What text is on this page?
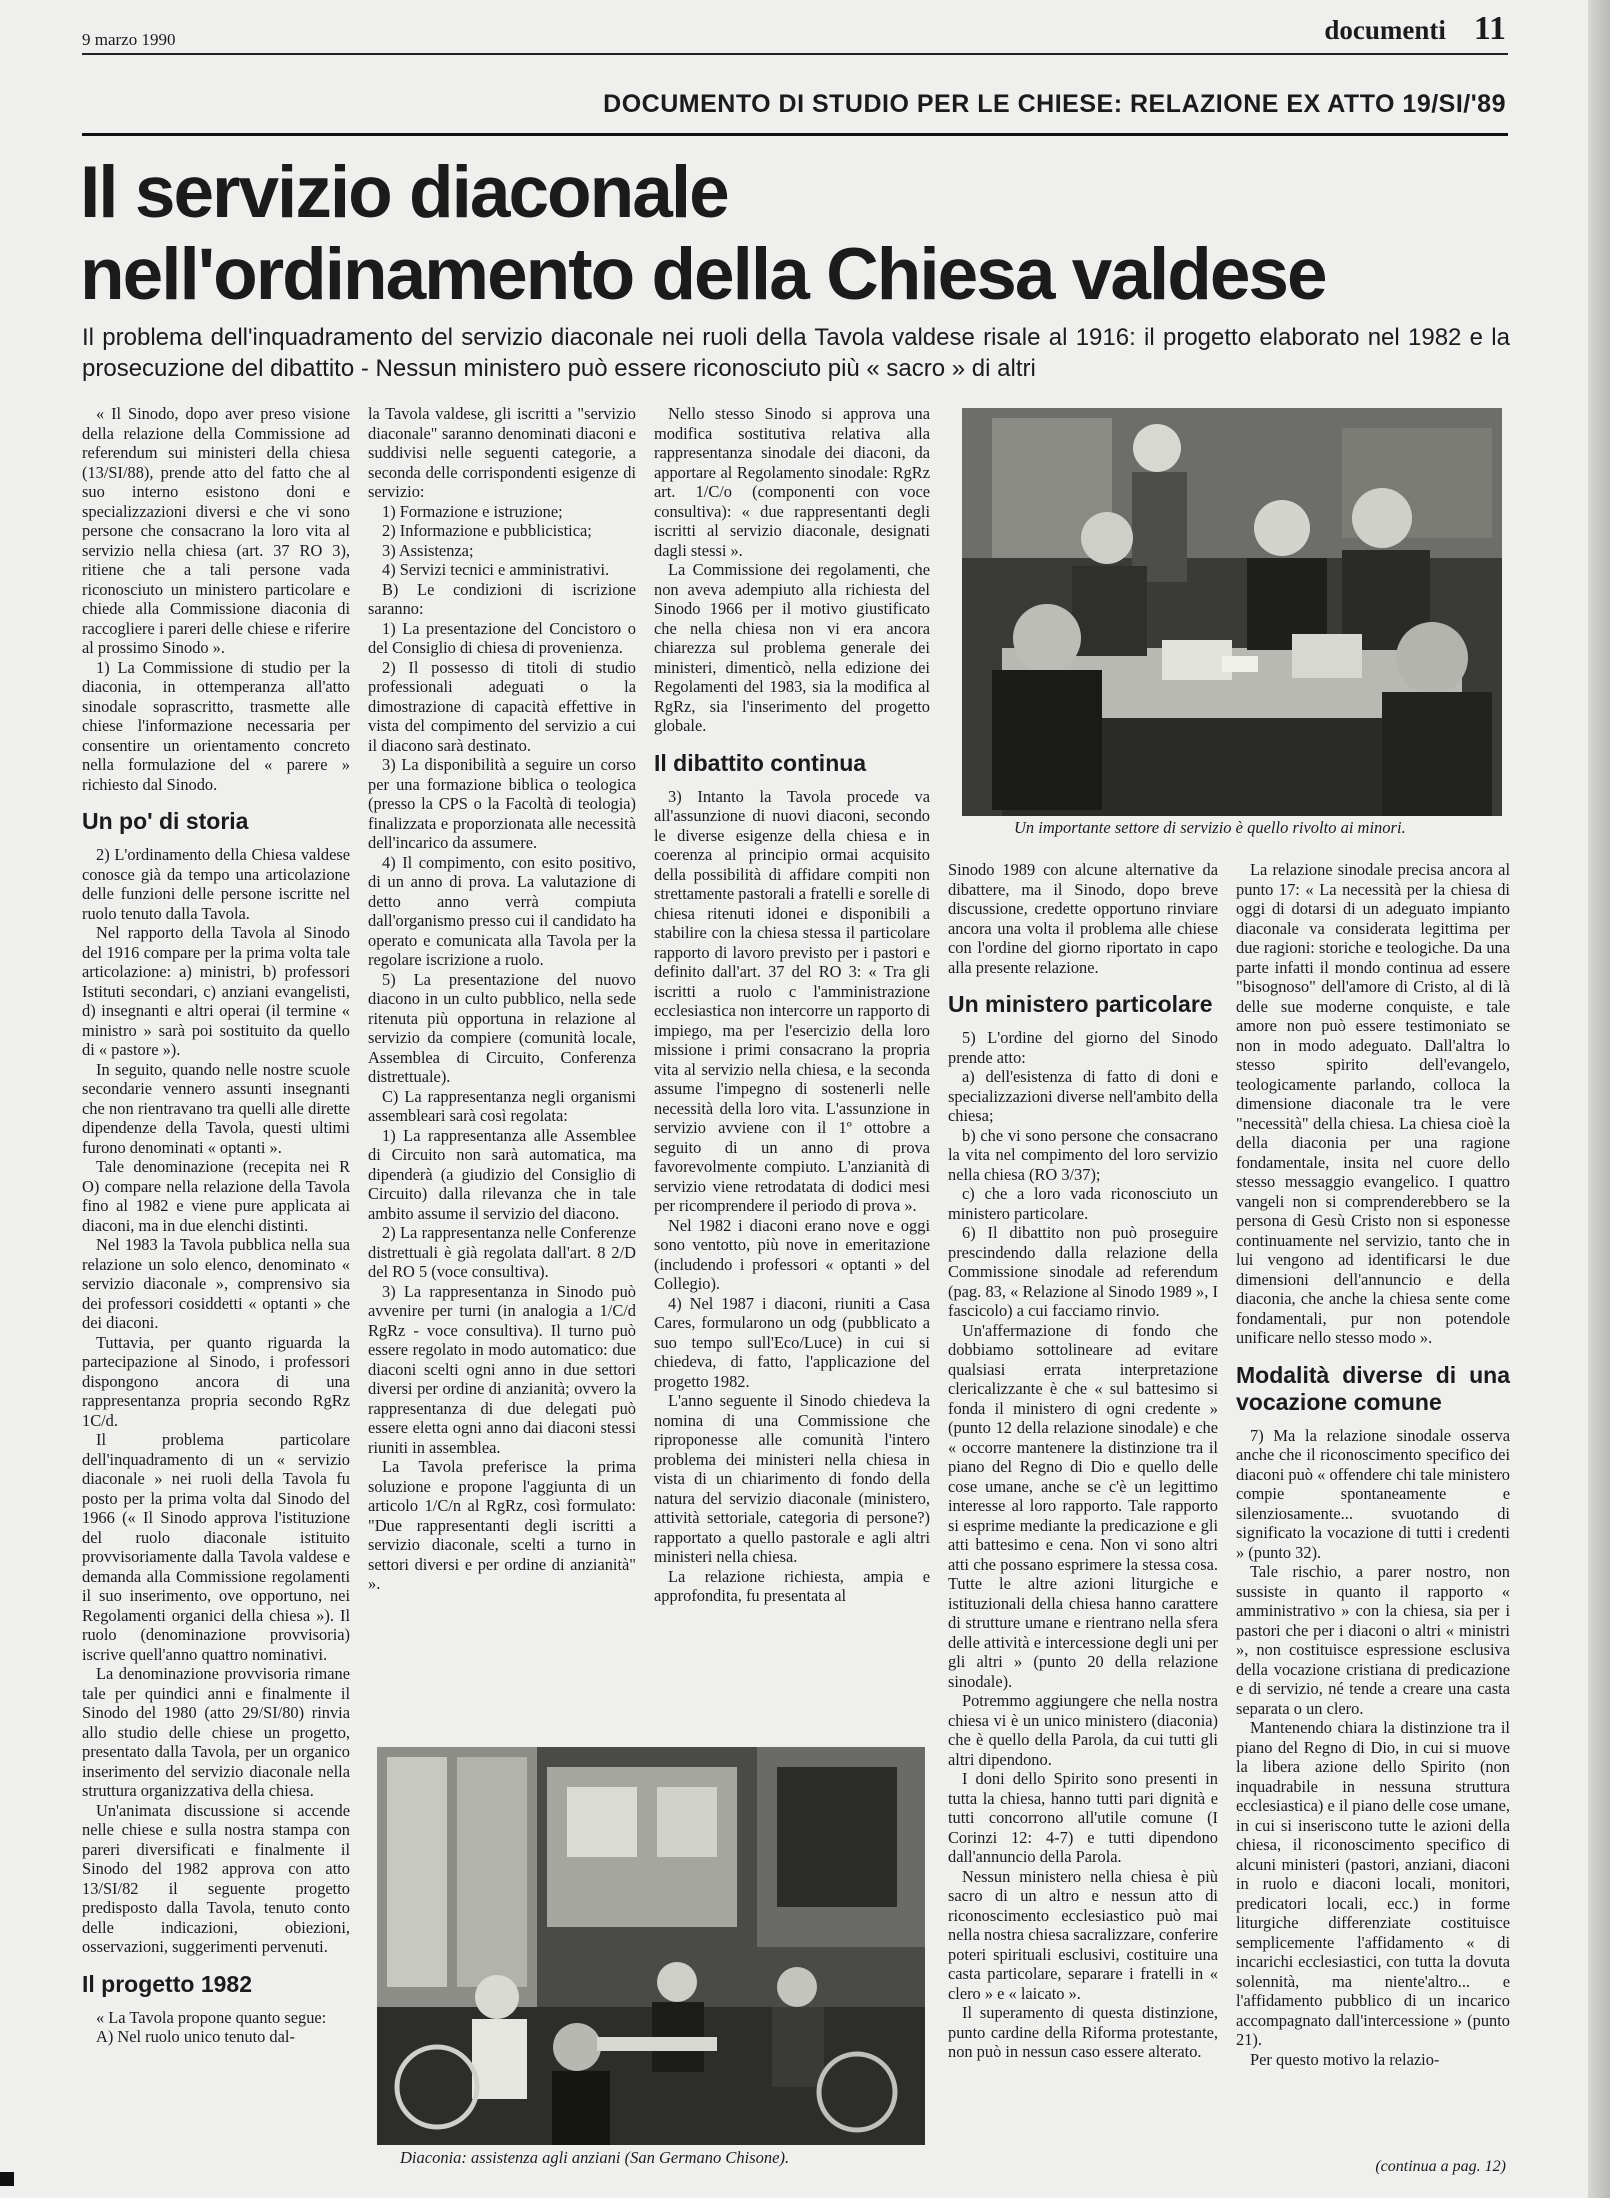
9 marzo 1990	documenti 11
DOCUMENTO DI STUDIO PER LE CHIESE: RELAZIONE EX ATTO 19/SI/'89
Il servizio diaconale
nell'ordinamento della Chiesa valdese

Il problema dell'inquadramento del servizio diaconale nei ruoli della Tavola valdese risale al 1916: il progetto elaborato nel 1982 e la prosecuzione del dibattito - Nessun ministero può essere riconosciuto più « sacro » di altri

« Il Sinodo, dopo aver preso visione della relazione della Commissione ad referendum sui ministeri della chiesa (13/SI/88), prende atto del fatto che al suo interno esistono doni e specializzazioni diversi e che vi sono persone che consacrano la loro vita al servizio nella chiesa (art. 37 RO 3), ritiene che a tali persone vada riconosciuto un ministero particolare e chiede alla Commissione diaconia di raccogliere i pareri delle chiese e riferire al prossimo Sinodo ».

1) La Commissione di studio per la diaconia, in ottemperanza all'atto sinodale soprascritto, trasmette alle chiese l'informazione necessaria per consentire un orientamento concreto nella formulazione del « parere » richiesto dal Sinodo.

Un po' di storia

2) L'ordinamento della Chiesa valdese conosce già da tempo una articolazione delle funzioni delle persone iscritte nel ruolo tenuto dalla Tavola.

Nel rapporto della Tavola al Sinodo del 1916 compare per la prima volta tale articolazione: a) ministri, b) professori Istituti secondari, c) anziani evangelisti, d) insegnanti e altri operai (il termine « ministro » sarà poi sostituito da quello di « pastore »).

In seguito, quando nelle nostre scuole secondarie vennero assunti insegnanti che non rientravano tra quelli alle dirette dipendenze della Tavola, questi ultimi furono denominati « optanti ».

Tale denominazione (recepita nei R O) compare nella relazione della Tavola fino al 1982 e viene pure applicata ai diaconi, ma in due elenchi distinti.

Nel 1983 la Tavola pubblica nella sua relazione un solo elenco, denominato « servizio diaconale », comprensivo sia dei professori cosiddetti « optanti » che dei diaconi.

Tuttavia, per quanto riguarda la partecipazione al Sinodo, i professori dispongono ancora di una rappresentanza propria secondo RgRz 1C/d.

Il problema particolare dell'inquadramento di un « servizio diaconale » nei ruoli della Tavola fu posto per la prima volta dal Sinodo del 1966 (« Il Sinodo approva l'istituzione del ruolo diaconale istituito provvisoriamente dalla Tavola valdese e demanda alla Commissione regolamenti il suo inserimento, ove opportuno, nei Regolamenti organici della chiesa »). Il ruolo (denominazione provvisoria) iscrive quell'anno quattro nominativi.

La denominazione provvisoria rimane tale per quindici anni e finalmente il Sinodo del 1980 (atto 29/SI/80) rinvia allo studio delle chiese un progetto, presentato dalla Tavola, per un organico inserimento del servizio diaconale nella struttura organizzativa della chiesa.

Un'animata discussione si accende nelle chiese e sulla nostra stampa con pareri diversificati e finalmente il Sinodo del 1982 approva con atto 13/SI/82 il seguente progetto predisposto dalla Tavola, tenuto conto delle indicazioni, obiezioni, osservazioni, suggerimenti pervenuti.

Il progetto 1982

« La Tavola propone quanto segue:

A) Nel ruolo unico tenuto dal-

la Tavola valdese, gli iscritti a "servizio diaconale" saranno denominati diaconi e suddivisi nelle seguenti categorie, a seconda delle corrispondenti esigenze di servizio:

1) Formazione e istruzione;

2) Informazione e pubblicistica;

3) Assistenza;

4) Servizi tecnici e amministrativi.

B) Le condizioni di iscrizione saranno:

1) La presentazione del Concistoro o del Consiglio di chiesa di provenienza.

2) Il possesso di titoli di studio professionali adeguati o la dimostrazione di capacità effettive in vista del compimento del servizio a cui il diacono sarà destinato.

3) La disponibilità a seguire un corso per una formazione biblica o teologica (presso la CPS o la Facoltà di teologia) finalizzata e proporzionata alle necessità dell'incarico da assumere.

4) Il compimento, con esito positivo, di un anno di prova. La valutazione di detto anno verrà compiuta dall'organismo presso cui il candidato ha operato e comunicata alla Tavola per la regolare iscrizione a ruolo.

5) La presentazione del nuovo diacono in un culto pubblico, nella sede ritenuta più opportuna in relazione al servizio da compiere (comunità locale, Assemblea di Circuito, Conferenza distrettuale).

C) La rappresentanza negli organismi assembleari sarà così regolata:

1) La rappresentanza alle Assemblee di Circuito non sarà automatica, ma dipenderà (a giudizio del Consiglio di Circuito) dalla rilevanza che in tale ambito assume il servizio del diacono.

2) La rappresentanza nelle Conferenze distrettuali è già regolata dall'art. 8 2/D del RO 5 (voce consultiva).

3) La rappresentanza in Sinodo può avvenire per turni (in analogia a 1/C/d RgRz - voce consultiva). Il turno può essere regolato in modo automatico: due diaconi scelti ogni anno in due settori diversi per ordine di anzianità; ovvero la rappresentanza di due delegati può essere eletta ogni anno dai diaconi stessi riuniti in assemblea.

La Tavola preferisce la prima soluzione e propone l'aggiunta di un articolo 1/C/n al RgRz, così formulato: "Due rappresentanti degli iscritti a servizio diaconale, scelti a turno in settori diversi e per ordine di anzianità" ».

Nello stesso Sinodo si approva una modifica sostitutiva relativa alla rappresentanza sinodale dei diaconi, da apportare al Regolamento sinodale: RgRz art. 1/C/o (componenti con voce consultiva): « due rappresentanti degli iscritti al servizio diaconale, designati dagli stessi ».

La Commissione dei regolamenti, che non aveva adempiuto alla richiesta del Sinodo 1966 per il motivo giustificato che nella chiesa non vi era ancora chiarezza sul problema generale dei ministeri, dimenticò, nella edizione dei Regolamenti del 1983, sia la modifica al RgRz, sia l'inserimento del progetto globale.

Il dibattito continua

3) Intanto la Tavola procede va all'assunzione di nuovi diaconi, secondo le diverse esigenze della chiesa e in coerenza al principio ormai acquisito della possibilità di affidare compiti non strettamente pastorali a fratelli e sorelle di chiesa ritenuti idonei e disponibili a stabilire con la chiesa stessa il particolare rapporto di lavoro previsto per i pastori e definito dall'art. 37 del RO 3: « Tra gli iscritti a ruolo c l'amministrazione ecclesiastica non intercorre un rapporto di impiego, ma per l'esercizio della loro missione i primi consacrano la propria vita al servizio nella chiesa, e la seconda assume l'impegno di sostenerli nelle necessità della loro vita. L'assunzione in servizio avviene con il 1º ottobre a seguito di un anno di prova favorevolmente compiuto. L'anzianità di servizio viene retrodatata di dodici mesi per ricomprendere il periodo di prova ».

Nel 1982 i diaconi erano nove e oggi sono ventotto, più nove in emeritazione (includendo i professori « optanti » del Collegio).

4) Nel 1987 i diaconi, riuniti a Casa Cares, formularono un odg (pubblicato a suo tempo sull'Eco/Luce) in cui si chiedeva, di fatto, l'applicazione del progetto 1982.

L'anno seguente il Sinodo chiedeva la nomina di una Commissione che riproponesse alle comunità l'intero problema dei ministeri nella chiesa in vista di un chiarimento di fondo della natura del servizio diaconale (ministero, attività settoriale, categoria di persone?) rapportato a quello pastorale e agli altri ministeri nella chiesa.

La relazione richiesta, ampia e approfondita, fu presentata al

Un importante settore di servizio è quello rivolto ai minori.

Sinodo 1989 con alcune alternative da dibattere, ma il Sinodo, dopo breve discussione, credette opportuno rinviare ancora una volta il problema alle chiese con l'ordine del giorno riportato in capo alla presente relazione.

Un ministero particolare

5) L'ordine del giorno del Sinodo prende atto:

a) dell'esistenza di fatto di doni e specializzazioni diverse nell'ambito della chiesa;

b) che vi sono persone che consacrano la vita nel compimento del loro servizio nella chiesa (RO 3/37);

c) che a loro vada riconosciuto un ministero particolare.

6) Il dibattito non può proseguire prescindendo dalla relazione della Commissione sinodale ad referendum (pag. 83, « Relazione al Sinodo 1989 », I fascicolo) a cui facciamo rinvio.

Un'affermazione di fondo che dobbiamo sottolineare ad evitare qualsiasi errata interpretazione clericalizzante è che « sul battesimo si fonda il ministero di ogni credente » (punto 12 della relazione sinodale) e che « occorre mantenere la distinzione tra il piano del Regno di Dio e quello delle cose umane, anche se c'è un legittimo interesse al loro rapporto. Tale rapporto si esprime mediante la predicazione e gli atti battesimo e cena. Non vi sono altri atti che possano esprimere la stessa cosa. Tutte le altre azioni liturgiche e istituzionali della chiesa hanno carattere di strutture umane e rientrano nella sfera delle attività e intercessione degli uni per gli altri » (punto 20 della relazione sinodale).

Potremmo aggiungere che nella nostra chiesa vi è un unico ministero (diaconia) che è quello della Parola, da cui tutti gli altri dipendono.

I doni dello Spirito sono presenti in tutta la chiesa, hanno tutti pari dignità e tutti concorrono all'utile comune (I Corinzi 12: 4-7) e tutti dipendono dall'annuncio della Parola.

Nessun ministero nella chiesa è più sacro di un altro e nessun atto di riconoscimento ecclesiastico può mai nella nostra chiesa sacralizzare, conferire poteri spirituali esclusivi, costituire una casta particolare, separare i fratelli in « clero » e « laicato ».

Il superamento di questa distinzione, punto cardine della Riforma protestante, non può in nessun caso essere alterato.

La relazione sinodale precisa ancora al punto 17: « La necessità per la chiesa di oggi di dotarsi di un adeguato impianto diaconale va considerata legittima per due ragioni: storiche e teologiche. Da una parte infatti il mondo continua ad essere "bisognoso" dell'amore di Cristo, al di là delle sue moderne conquiste, e tale amore non può essere testimoniato se non in modo adeguato. Dall'altra lo stesso spirito dell'evangelo, teologicamente parlando, colloca la dimensione diaconale tra le vere "necessità" della chiesa. La chiesa cioè la della diaconia per una ragione fondamentale, insita nel cuore dello stesso messaggio evangelico. I quattro vangeli non si comprenderebbero se la persona di Gesù Cristo non si esponesse continuamente nel servizio, tanto che in lui vengono ad identificarsi le due dimensioni dell'annuncio e della diaconia, che anche la chiesa sente come fondamentali, pur non potendole unificare nello stesso modo ».

Modalità diverse di una vocazione comune

7) Ma la relazione sinodale osserva anche che il riconoscimento specifico dei diaconi può « offendere chi tale ministero compie spontaneamente e silenziosamente... svuotando di significato la vocazione di tutti i credenti » (punto 32).

Tale rischio, a parer nostro, non sussiste in quanto il rapporto « amministrativo » con la chiesa, sia per i pastori che per i diaconi o altri « ministri », non costituisce espressione esclusiva della vocazione cristiana di predicazione e di servizio, né tende a creare una casta separata o un clero.

Mantenendo chiara la distinzione tra il piano del Regno di Dio, in cui si muove la libera azione dello Spirito (non inquadrabile in nessuna struttura ecclesiastica) e il piano delle cose umane, in cui si inseriscono tutte le azioni della chiesa, il riconoscimento specifico di alcuni ministeri (pastori, anziani, diaconi in ruolo e diaconi locali, monitori, predicatori locali, ecc.) in forme liturgiche differenziate costituisce semplicemente l'affidamento « di incarichi ecclesiastici, con tutta la dovuta solennità, ma niente'altro... e l'affidamento pubblico di un incarico accompagnato dall'intercessione » (punto 21).

Per questo motivo la relazio-

Diaconia: assistenza agli anziani (San Germano Chisone).	(continua a pag. 12)
